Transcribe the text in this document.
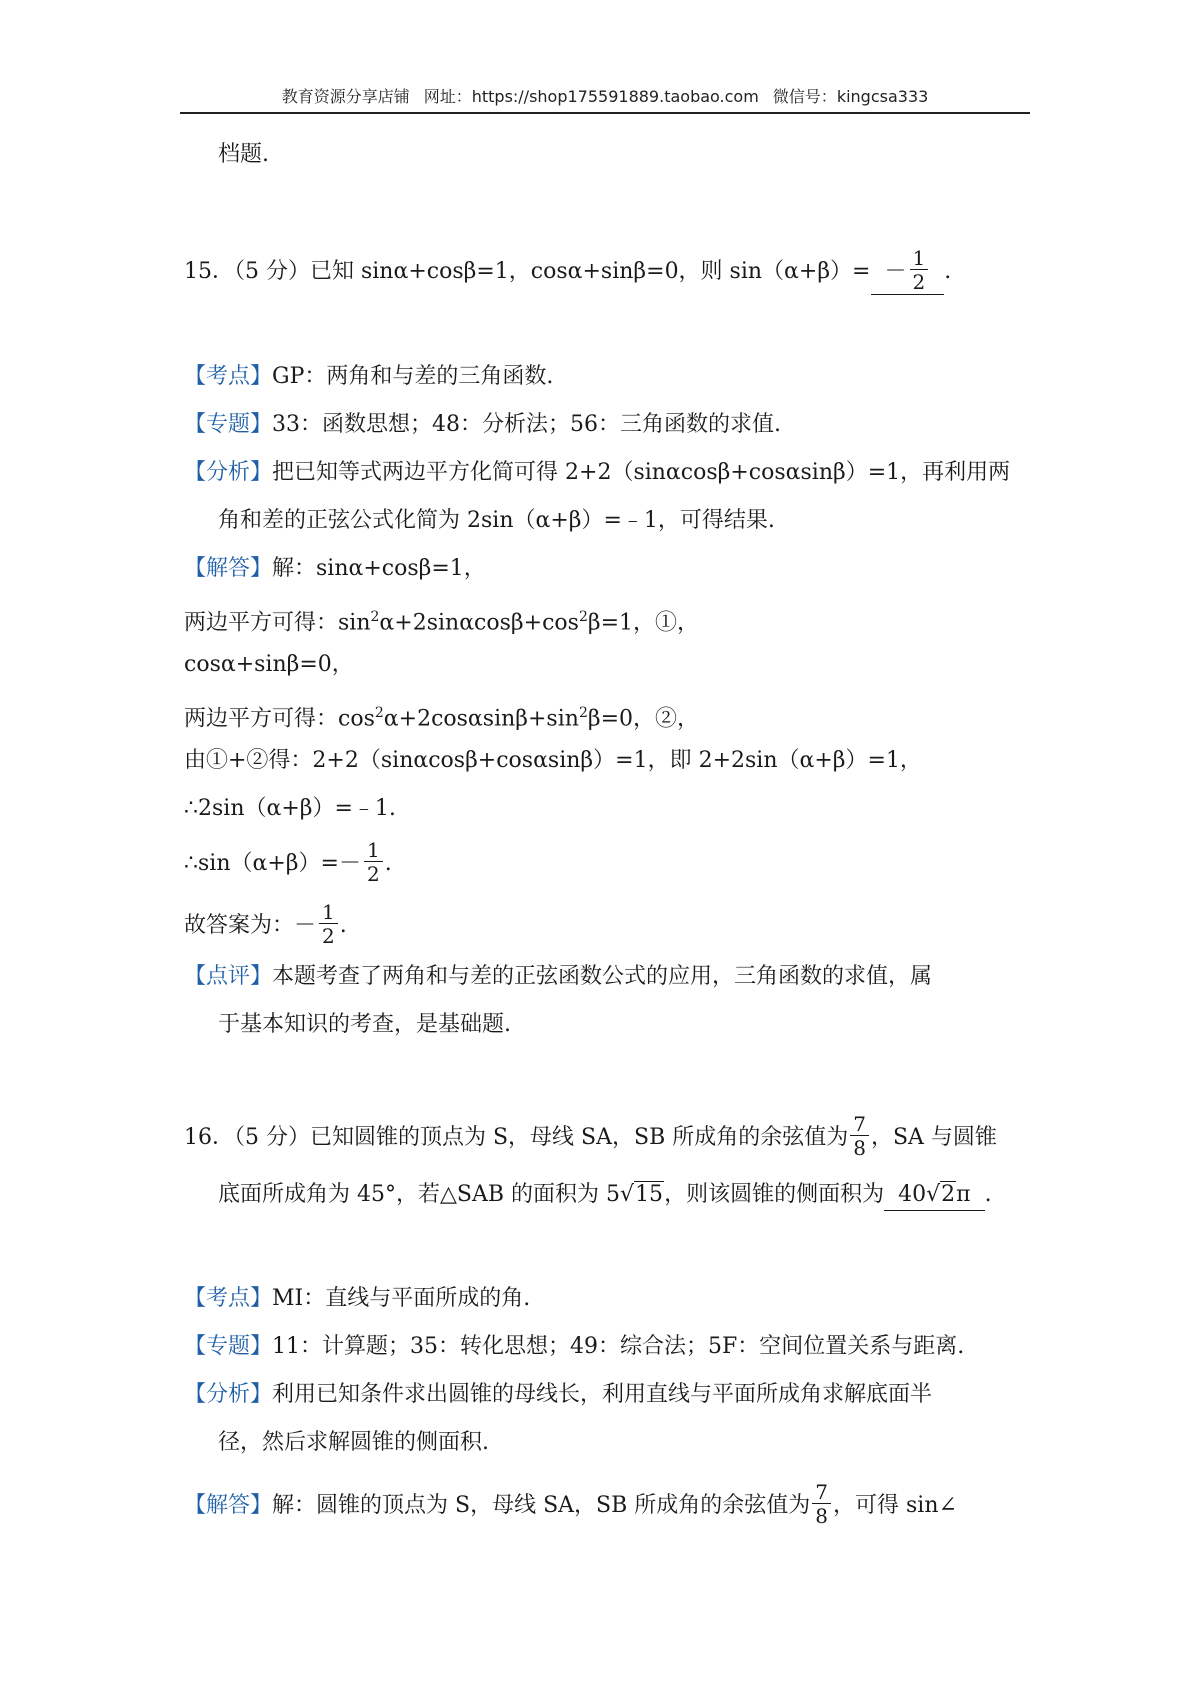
教育资源分享店铺 网址：https://shop175591889.taobao.com 微信号：kingcsa333
档题.
15．（5 分）已知 sinα+cosβ=1，cosα+sinβ=0，则 $\sin(\alpha+\beta)= - \frac{1}{2}$ .
【考点】GP：两角和与差的三角函数.
【专题】33：函数思想；48：分析法；56：三角函数的求值.
【分析】把已知等式两边平方化简可得 2+2（sinαcosβ+cosαsinβ）=1，再利用两
角和差的正弦公式化简为 2sin（α+β）=﹣1，可得结果.
【解答】解：sinα+cosβ=1，
两边平方可得：$\sin^2\alpha+2\sin\alpha\cos\beta+\cos^2\beta=1$，①，
cosα+sinβ=0，
两边平方可得：$\cos^2\alpha+2\cos\alpha\sin\beta+\sin^2\beta=0$，②，
由①+②得：2+2（sinαcosβ+cosαsinβ）=1，即 2+2sin（α+β）=1，
∴2sin（α+β）=﹣1.
∴sin（α+β）=－ $\frac{1}{2}$ .
故答案为：－ $\frac{1}{2}$ .
【点评】本题考查了两角和与差的正弦函数公式的应用，三角函数的求值，属
于基本知识的考查，是基础题.
16．（5 分）已知圆锥的顶点为 S，母线 SA，SB 所成角的余弦值为 $\frac{7}{8}$ ，SA 与圆锥
底面所成角为 45°，若△SAB 的面积为 5√15，则该圆锥的侧面积为 40√2π .
【考点】MI：直线与平面所成的角.
【专题】11：计算题；35：转化思想；49：综合法；5F：空间位置关系与距离.
【分析】利用已知条件求出圆锥的母线长，利用直线与平面所成角求解底面半
径，然后求解圆锥的侧面积.
【解答】解：圆锥的顶点为 S，母线 SA，SB 所成角的余弦值为 $\frac{7}{8}$ ，可得 sin∠
